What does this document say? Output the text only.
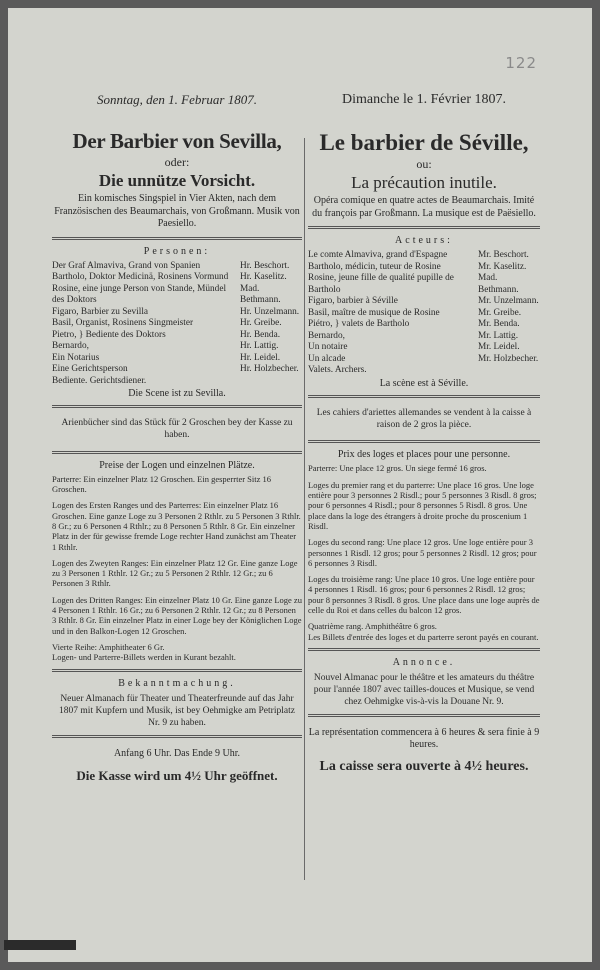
122
Sonntag, den 1. Februar 1807.
Der Barbier von Sevilla,
oder:
Die unnütze Vorsicht.
Ein komisches Singspiel in Vier Akten, nach dem Französischen des Beaumarchais, von Großmann. Musik von Paesiello.
Personen:
Der Graf Almaviva, Grand von Spanien	Hr. Beschort.
Bartholo, Doktor Medicinä, Rosinens Vormund	Hr. Kaselitz.
Rosine, eine junge Person von Stande, Mündel des Doktors
Mad. Bethmann.
Figaro, Barbier zu Sevilla	Hr. Unzelmann.
Basil, Organist, Rosinens Singmeister	Hr. Greibe.
Pietro, } Bediente des Doktors	Hr. Benda.
Bernardo,	Hr. Lattig.
Ein Notarius	Hr. Leidel.
Eine Gerichtsperson	Hr. Holzbecher.
Bediente. Gerichtsdiener.
Die Scene ist zu Sevilla.
Arienbücher sind das Stück für 2 Groschen bey der Kasse zu haben.
Preise der Logen und einzelnen Plätze.
Parterre: Ein einzelner Platz 12 Groschen. Ein gesperrter Sitz 16 Groschen.
Logen des Ersten Ranges und des Parterres: Ein einzelner Platz 16 Groschen. Eine ganze Loge zu 3 Personen 2 Rthlr. zu 5 Personen 3 Rthlr. 8 Gr.; zu 6 Personen 4 Rthlr.; zu 8 Personen 5 Rthlr. 8 Gr. Ein einzelner Platz in der für gewisse fremde Loge rechter Hand zunächst am Theater 1 Rthlr.
Logen des Zweyten Ranges: Ein einzelner Platz 12 Gr. Eine ganze Loge zu 3 Personen 1 Rthlr. 12 Gr.; zu 5 Personen 2 Rthlr. 12 Gr.; zu 6 Personen 3 Rthlr.
Logen des Dritten Ranges: Ein einzelner Platz 10 Gr. Eine ganze Loge zu 4 Personen 1 Rthlr. 16 Gr.; zu 6 Personen 2 Rthlr. 12 Gr.; zu 8 Personen 3 Rthlr. 8 Gr. Ein einzelner Platz in einer Loge bey der Königlichen Loge und in den Balkon-Logen 12 Groschen.
Vierte Reihe: Amphitheater 6 Gr.
Logen- und Parterre-Billets werden in Kurant bezahlt.
Bekanntmachung.
Neuer Almanach für Theater und Theaterfreunde auf das Jahr 1807 mit Kupfern und Musik, ist bey Oehmigke am Petriplatz Nr. 9 zu haben.
Anfang 6 Uhr. Das Ende 9 Uhr.
Die Kasse wird um 4½ Uhr geöffnet.
Dimanche le 1. Février 1807.
Le barbier de Séville,
ou:
La précaution inutile.
Opéra comique en quatre actes de Beaumarchais. Imité du françois par Großmann. La musique est de Paësiello.
Acteurs:
Le comte Almaviva, grand d'Espagne	Mr. Beschort.
Bartholo, médicin, tuteur de Rosine	Mr. Kaselitz.
Rosine, jeune fille de qualité pupille de Bartholo
Mad. Bethmann.
Figaro, barbier à Séville	Mr. Unzelmann.
Basil, maître de musique de Rosine	Mr. Greibe.
Piétro, } valets de Bartholo	Mr. Benda.
Bernardo,	Mr. Lattig.
Un notaire	Mr. Leidel.
Un alcade	Mr. Holzbecher.
Valets. Archers.
La scène est à Séville.
Les cahiers d'ariettes allemandes se vendent à la caisse à raison de 2 gros la pièce.
Prix des loges et places pour une personne.
Parterre: Une place 12 gros. Un siege fermé 16 gros.
Loges du premier rang et du parterre: Une place 16 gros. Une loge entière pour 3 personnes 2 Risdl.; pour 5 personnes 3 Risdl. 8 gros; pour 6 personnes 4 Risdl.; pour 8 personnes 5 Risdl. 8 gros. Une place dans la loge des étrangers à droite proche du proscenium 1 Risdl.
Loges du second rang: Une place 12 gros. Une loge entière pour 3 personnes 1 Risdl. 12 gros; pour 5 personnes 2 Risdl. 12 gros; pour 6 personnes 3 Risdl.
Loges du troisième rang: Une place 10 gros. Une loge entière pour 4 personnes 1 Risdl. 16 gros; pour 6 personnes 2 Risdl. 12 gros; pour 8 personnes 3 Risdl. 8 gros. Une place dans une loge auprès de celle du Roi et dans celles du balcon 12 gros.
Quatrième rang. Amphithéâtre 6 gros.
Les Billets d'entrée des loges et du parterre seront payés en courant.
Annonce.
Nouvel Almanac pour le théâtre et les amateurs du théâtre pour l'année 1807 avec tailles-douces et Musique, se vend chez Oehmigke vis-à-vis la Douane Nr. 9.
La représentation commencera à 6 heures & sera finie à 9 heures.
La caisse sera ouverte à 4½ heures.
